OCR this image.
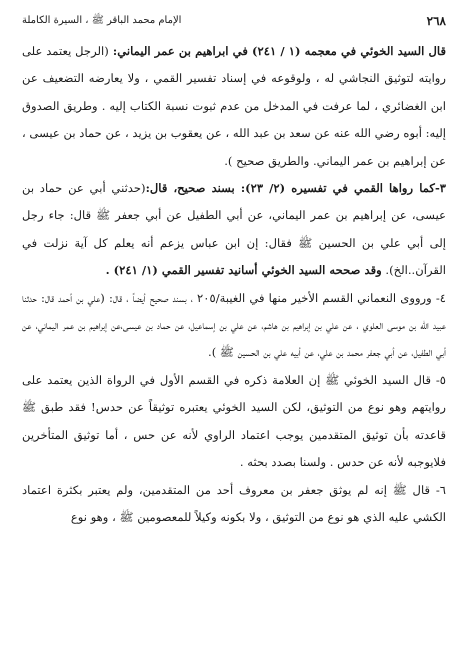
٢٦٨
الإمام محمد الباقر ﷺ ، السيرة الكاملة

قال السيد الخوئي في معجمه (١ / ٢٤١) في ابراهيم بن عمر اليماني: (الرجل يعتمد على روايته لتوثيق النجاشي له ، ولوقوعه في إسناد تفسير القمي ، ولا يعارضه التضعيف عن ابن الغضائري ، لما عرفت في المدخل من عدم ثبوت نسبة الكتاب إليه . وطريق الصدوق إليه: أبوه رضي الله عنه عن سعد بن عبد الله ، عن يعقوب بن يزيد ، عن حماد بن عيسى ، عن إبراهيم بن عمر اليماني. والطريق صحيح ).

٣-كما رواها القمي في تفسيره (٢/ ٢٣): بسند صحيح، قال:(حدثني أبي عن حماد بن عيسى، عن إبراهيم بن عمر اليماني، عن أبي الطفيل عن أبي جعفر ﷺ قال: جاء رجل إلى أبي علي بن الحسين ﷺ فقال: إن ابن عباس يزعم أنه يعلم كل آية نزلت في القرآن..الخ). وقد صححه السيد الخوئي أسانيد تفسير القمي (١/ ٢٤١) .

٤- ورووى النعماني القسم الأخير منها في الغيبة/٢٠٥ ، بسند صحيح أيضاً ، قال: (علي بن أحمد قال: حدثنا عبيد الله بن موسى العلوي ، عن علي بن إبراهيم بن هاشم، عن علي بن إسماعيل، عن حماد بن عيسى،عن إبراهيم بن عمر اليماني، عن أبي الطفيل، عن أبي جعفر محمد بن علي، عن أبيه علي بن الحسين ﷺ ).

٥- قال السيد الخوئي ﷺ إن العلامة ذكره في القسم الأول في الرواة الذين يعتمد على روايتهم وهو نوع من التوثيق، لكن السيد الخوئي يعتبره توثيقاً عن حدس! فقد طبق ﷺ قاعدته بأن توثيق المتقدمين يوجب اعتماد الراوي لأنه عن حس ، أما توثيق المتأخرين فلايوجبه لأنه عن حدس . ولسنا بصدد بحثه .

٦- قال ﷺ إنه لم يوثق جعفر بن معروف أحد من المتقدمين، ولم يعتبر بكثرة اعتماد الكشي عليه الذي هو نوع من التوثيق ، ولا بكونه وكيلاً للمعصومين ﷺ ، وهو نوع
